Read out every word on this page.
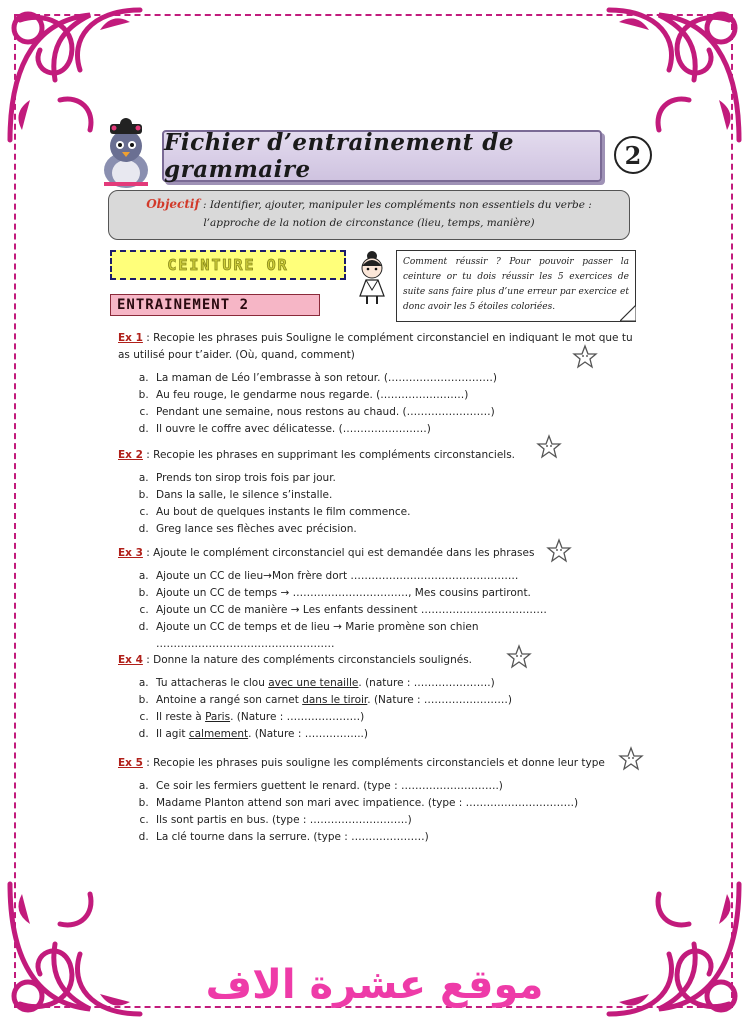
Fichier d’entrainement de grammaire	2
Objectif : Identifier, ajouter, manipuler les compléments non essentiels du verbe : l’approche de la notion de circonstance (lieu, temps, manière)
CEINTURE OR	Comment réussir ? Pour pouvoir passer la ceinture or tu dois réussir les 5 exercices de suite sans faire plus d’une erreur par exercice et donc avoir les 5 étoiles coloriées.
ENTRAINEMENT 2

Ex 1 : Recopie les phrases puis Souligne le complément circonstanciel en indiquant le mot que tu as utilisé pour t’aider. (Où, quand, comment)

a. La maman de Léo l’embrasse à son retour. (…………………………)
b. Au feu rouge, le gendarme nous regarde. (……………………)
c. Pendant une semaine, nous restons au chaud. (……………………)
d. Il ouvre le coffre avec délicatesse. (……………………)

Ex 2 : Recopie les phrases en supprimant les compléments circonstanciels.

a. Prends ton sirop trois fois par jour.
b. Dans la salle, le silence s’installe.
c. Au bout de quelques instants le film commence.
d. Greg lance ses flèches avec précision.

Ex 3 : Ajoute le complément circonstanciel qui est demandée dans les phrases

a. Ajoute un CC de lieu→Mon frère dort …………………………………………
b. Ajoute un CC de temps → ……………………………, Mes cousins partiront.
c. Ajoute un CC de manière → Les enfants dessinent ………………………………
d. Ajoute un CC de temps et de lieu → Marie promène son chien ……………………………………………

Ex 4 : Donne la nature des compléments circonstanciels soulignés.

a. Tu attacheras le clou avec une tenaille. (nature : ………………….)
b. Antoine a rangé son carnet dans le tiroir. (Nature : ……………………)
c. Il reste à Paris. (Nature : …………………)
d. Il agit calmement. (Nature : ……………..)

Ex 5 : Recopie les phrases puis souligne les compléments circonstanciels et donne leur type

a. Ce soir les fermiers guettent le renard. (type : ……………………….)
b. Madame Planton attend son mari avec impatience. (type : ………………………….)
c. Ils sont partis en bus. (type : ……………………….)
d. La clé tourne dans la serrure. (type : …………………)
موقع عشرة الاف
